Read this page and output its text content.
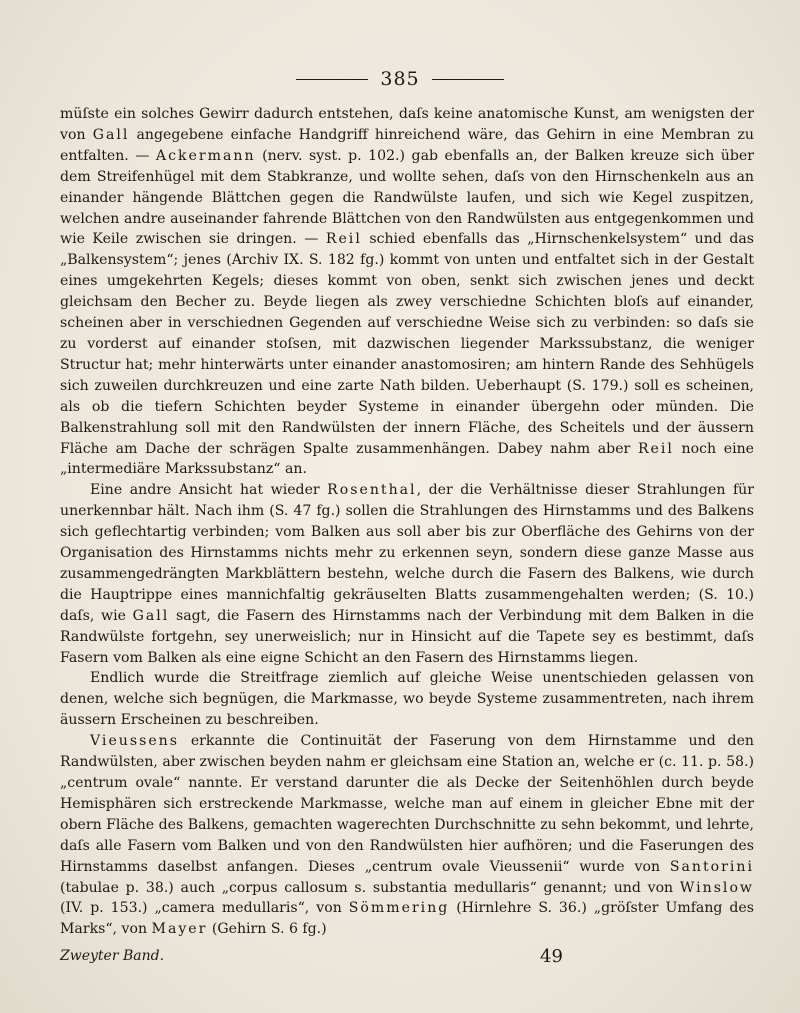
385

müſste ein solches Gewirr dadurch entstehen, daſs keine anatomische Kunst, am wenigsten der von Gall angegebene einfache Handgriff hinreichend wäre, das Gehirn in eine Membran zu entfalten. — Ackermann (nerv. syst. p. 102.) gab ebenfalls an, der Balken kreuze sich über dem Streifenhügel mit dem Stabkranze, und wollte sehen, daſs von den Hirnschenkeln aus an einander hängende Blättchen gegen die Randwülste laufen, und sich wie Kegel zuspitzen, welchen andre auseinander fahrende Blättchen von den Randwülsten aus entgegenkommen und wie Keile zwischen sie dringen. — Reil schied ebenfalls das „Hirnschenkelsystem“ und das „Balkensystem“; jenes (Archiv IX. S. 182 fg.) kommt von unten und entfaltet sich in der Gestalt eines umgekehrten Kegels; dieses kommt von oben, senkt sich zwischen jenes und deckt gleichsam den Becher zu. Beyde liegen als zwey verschiedne Schichten bloſs auf einander, scheinen aber in verschiednen Gegenden auf verschiedne Weise sich zu verbinden: so daſs sie zu vorderst auf einander stoſsen, mit dazwischen liegender Markssubstanz, die weniger Structur hat; mehr hinterwärts unter einander anastomosiren; am hintern Rande des Sehhügels sich zuweilen durchkreuzen und eine zarte Nath bilden. Ueberhaupt (S. 179.) soll es scheinen, als ob die tiefern Schichten beyder Systeme in einander übergehn oder münden. Die Balkenstrahlung soll mit den Randwülsten der innern Fläche, des Scheitels und der äussern Fläche am Dache der schrägen Spalte zusammenhängen. Dabey nahm aber Reil noch eine „intermediäre Markssubstanz“ an.

Eine andre Ansicht hat wieder Rosenthal, der die Verhältnisse dieser Strahlungen für unerkennbar hält. Nach ihm (S. 47 fg.) sollen die Strahlungen des Hirnstamms und des Balkens sich geflechtartig verbinden; vom Balken aus soll aber bis zur Oberfläche des Gehirns von der Organisation des Hirnstamms nichts mehr zu erkennen seyn, sondern diese ganze Masse aus zusammengedrängten Markblättern bestehn, welche durch die Fasern des Balkens, wie durch die Hauptrippe eines mannichfaltig gekräuselten Blatts zusammengehalten werden; (S. 10.) daſs, wie Gall sagt, die Fasern des Hirnstamms nach der Verbindung mit dem Balken in die Randwülste fortgehn, sey unerweislich; nur in Hinsicht auf die Tapete sey es bestimmt, daſs Fasern vom Balken als eine eigne Schicht an den Fasern des Hirnstamms liegen.

Endlich wurde die Streitfrage ziemlich auf gleiche Weise unentschieden gelassen von denen, welche sich begnügen, die Markmasse, wo beyde Systeme zusammentreten, nach ihrem äussern Erscheinen zu beschreiben.

Vieussens erkannte die Continuität der Faserung von dem Hirnstamme und den Randwülsten, aber zwischen beyden nahm er gleichsam eine Station an, welche er (c. 11. p. 58.) „centrum ovale“ nannte. Er verstand darunter die als Decke der Seitenhöhlen durch beyde Hemisphären sich erstreckende Markmasse, welche man auf einem in gleicher Ebne mit der obern Fläche des Balkens, gemachten wagerechten Durchschnitte zu sehn bekommt, und lehrte, daſs alle Fasern vom Balken und von den Randwülsten hier aufhören; und die Faserungen des Hirnstamms daselbst anfangen. Dieses „centrum ovale Vieussenii“ wurde von Santorini (tabulae p. 38.) auch „corpus callosum s. substantia medullaris“ genannt; und von Winslow (IV. p. 153.) „camera medullaris“, von Sömmering (Hirnlehre S. 36.) „gröſster Umfang des Marks“, von Mayer (Gehirn S. 6 fg.)

Zweyter Band.	49
